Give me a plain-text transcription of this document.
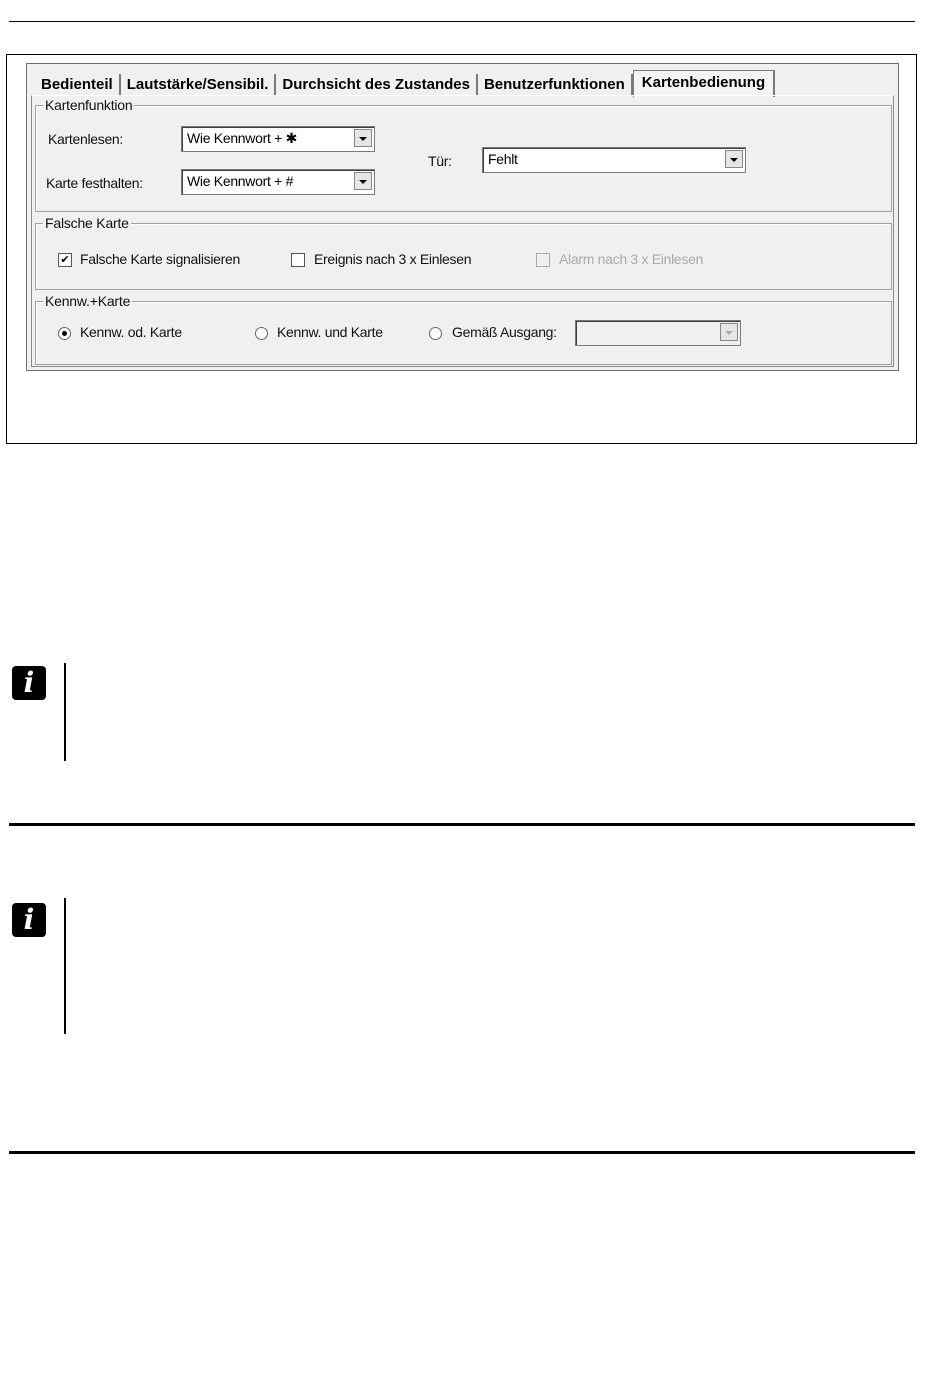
Bedienteil Lautstärke/Sensibil. Durchsicht des Zustandes Benutzerfunktionen	Kartenbedienung
Kartenfunktion
Kartenlesen:	Wie Kennwort + ✱
Karte festhalten:	Wie Kennwort + #
Tür:	Fehlt
Falsche Karte
✔ Falsche Karte signalisieren	Ereignis nach 3 x Einlesen	Alarm nach 3 x Einlesen
Kennw.+Karte
Kennw. od. Karte	Kennw. und Karte	Gemäß Ausgang:
i
i
